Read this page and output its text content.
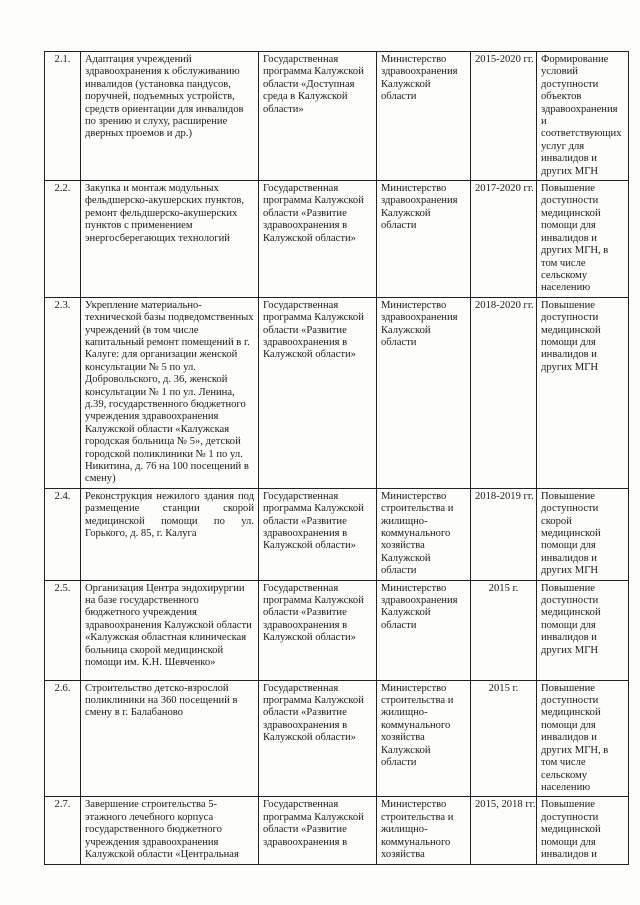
2.1.	Адаптация учреждений здравоохранения к обслуживанию инвалидов (установка пандусов, поручней, подъемных устройств, средств ориентации для инвалидов по зрению и слуху, расширение дверных проемов и др.)	Государственная программа Калужской области «Доступная среда в Калужской области»	Министерство здравоохранения Калужской области	2015-2020 гг.	Формирование условий доступности объектов здравоохранения и соответствующих услуг для инвалидов и других МГН
2.2.	Закупка и монтаж модульных фельдшерско-акушерских пунктов, ремонт фельдшерско-акушерских пунктов с применением энергосберегающих технологий	Государственная программа Калужской области «Развитие здравоохранения в Калужской области»	Министерство здравоохранения Калужской области	2017-2020 гг.	Повышение доступности медицинской помощи для инвалидов и других МГН, в том числе сельскому населению
2.3.	Укрепление материально-технической базы подведомственных учреждений (в том числе капитальный ремонт помещений в г. Калуге: для организации женской консультации № 5 по ул. Добровольского, д. 36, женской консультации № 1 по ул. Ленина, д.39, государственного бюджетного учреждения здравоохранения Калужской области «Калужская городская больница № 5», детской городской поликлиники № 1 по ул. Никитина, д. 76 на 100 посещений в смену)	Государственная программа Калужской области «Развитие здравоохранения в Калужской области»	Министерство здравоохранения Калужской области	2018-2020 гг.	Повышение доступности медицинской помощи для инвалидов и других МГН
2.4.	Реконструкция нежилого здания под размещение станции скорой медицинской помощи по ул. Горького, д. 85, г. Калуга	Государственная программа Калужской области «Развитие здравоохранения в Калужской области»	Министерство строительства и жилищно-коммунального хозяйства Калужской области	2018-2019 гг.	Повышение доступности скорой медицинской помощи для инвалидов и других МГН
2.5.	Организация Центра эндохирургии на базе государственного бюджетного учреждения здравоохранения Калужской области «Калужская областная клиническая больница скорой медицинской помощи им. К.Н. Шевченко»	Государственная программа Калужской области «Развитие здравоохранения в Калужской области»	Министерство здравоохранения Калужской области	2015 г.	Повышение доступности медицинской помощи для инвалидов и других МГН
2.6.	Строительство детско-взрослой поликлиники на 360 посещений в смену в г. Балабаново	Государственная программа Калужской области «Развитие здравоохранения в Калужской области»	Министерство строительства и жилищно-коммунального хозяйства Калужской области	2015 г.	Повышение доступности медицинской помощи для инвалидов и других МГН, в том числе сельскому населению
2.7.	Завершение строительства 5-этажного лечебного корпуса государственного бюджетного учреждения здравоохранения Калужской области «Центральная	Государственная программа Калужской области «Развитие здравоохранения в	Министерство строительства и жилищно-коммунального хозяйства	2015, 2018 гг.	Повышение доступности медицинской помощи для инвалидов и
